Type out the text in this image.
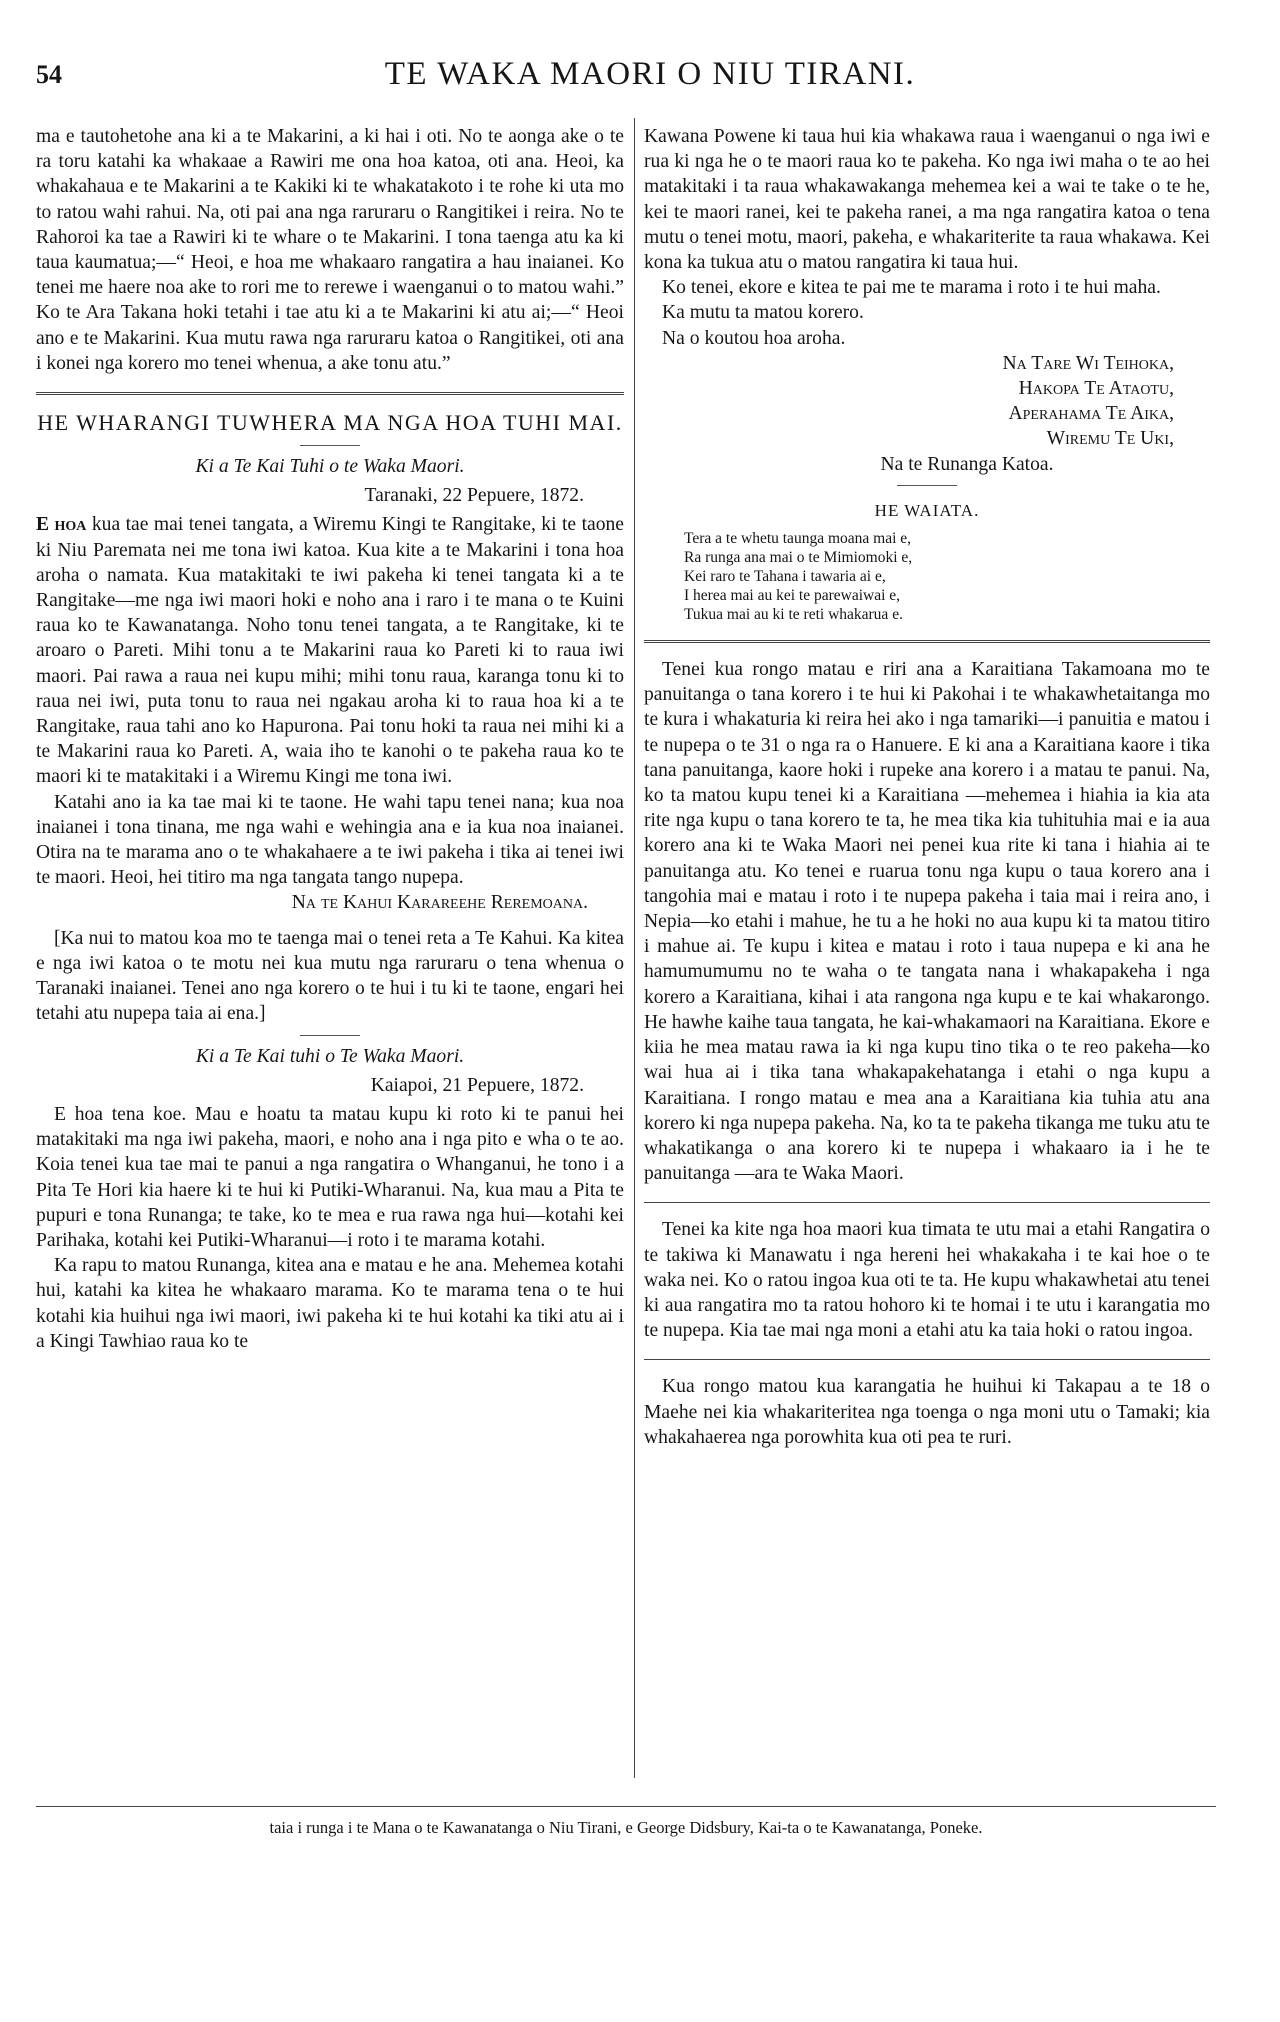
54	TE WAKA MAORI O NIU TIRANI.

ma e tautohetohe ana ki a te Makarini, a ki hai i oti. No te aonga ake o te ra toru katahi ka whakaae a Rawiri me ona hoa katoa, oti ana. Heoi, ka whakahaua e te Makarini a te Kakiki ki te whakatakoto i te rohe ki uta mo to ratou wahi rahui. Na, oti pai ana nga raruraru o Rangitikei i reira. No te Rahoroi ka tae a Rawiri ki te whare o te Makarini. I tona taenga atu ka ki taua kaumatua;—“ Heoi, e hoa me whakaaro rangatira a hau inaianei. Ko tenei me haere noa ake to rori me to rerewe i waenganui o to matou wahi.” Ko te Ara Takana hoki tetahi i tae atu ki a te Makarini ki atu ai;—“ Heoi ano e te Makarini. Kua mutu rawa nga raruraru katoa o Rangitikei, oti ana i konei nga korero mo tenei whenua, a ake tonu atu.”

HE WHARANGI TUWHERA MA NGA HOA TUHI MAI.
Ki a Te Kai Tuhi o te Waka Maori.
Taranaki, 22 Pepuere, 1872.

E hoa kua tae mai tenei tangata, a Wiremu Kingi te Rangitake, ki te taone ki Niu Paremata nei me tona iwi katoa. Kua kite a te Makarini i tona hoa aroha o namata. Kua matakitaki te iwi pakeha ki tenei tangata ki a te Rangitake—me nga iwi maori hoki e noho ana i raro i te mana o te Kuini raua ko te Kawanatanga. Noho tonu tenei tangata, a te Rangitake, ki te aroaro o Pareti. Mihi tonu a te Makarini raua ko Pareti ki to raua iwi maori. Pai rawa a raua nei kupu mihi; mihi tonu raua, karanga tonu ki to raua nei iwi, puta tonu to raua nei ngakau aroha ki to raua hoa ki a te Rangitake, raua tahi ano ko Hapurona. Pai tonu hoki ta raua nei mihi ki a te Makarini raua ko Pareti. A, waia iho te kanohi o te pakeha raua ko te maori ki te matakitaki i a Wiremu Kingi me tona iwi.

Katahi ano ia ka tae mai ki te taone. He wahi tapu tenei nana; kua noa inaianei i tona tinana, me nga wahi e wehingia ana e ia kua noa inaianei. Otira na te marama ano o te whakahaere a te iwi pakeha i tika ai tenei iwi te maori. Heoi, hei titiro ma nga tangata tango nupepa.

Na te Kahui Karareehe Reremoana.

[Ka nui to matou koa mo te taenga mai o tenei reta a Te Kahui. Ka kitea e nga iwi katoa o te motu nei kua mutu nga raruraru o tena whenua o Taranaki inaianei. Tenei ano nga korero o te hui i tu ki te taone, engari hei tetahi atu nupepa taia ai ena.]

Ki a Te Kai tuhi o Te Waka Maori.
Kaiapoi, 21 Pepuere, 1872.

E hoa tena koe. Mau e hoatu ta matau kupu ki roto ki te panui hei matakitaki ma nga iwi pakeha, maori, e noho ana i nga pito e wha o te ao. Koia tenei kua tae mai te panui a nga rangatira o Whanganui, he tono i a Pita Te Hori kia haere ki te hui ki Putiki-Wharanui. Na, kua mau a Pita te pupuri e tona Runanga; te take, ko te mea e rua rawa nga hui—kotahi kei Parihaka, kotahi kei Putiki-Wharanui—i roto i te marama kotahi.

Ka rapu to matou Runanga, kitea ana e matau e he ana. Mehemea kotahi hui, katahi ka kitea he whakaaro marama. Ko te marama tena o te hui kotahi kia huihui nga iwi maori, iwi pakeha ki te hui kotahi ka tiki atu ai i a Kingi Tawhiao raua ko te

Kawana Powene ki taua hui kia whakawa raua i waenganui o nga iwi e rua ki nga he o te maori raua ko te pakeha. Ko nga iwi maha o te ao hei matakitaki i ta raua whakawakanga mehemea kei a wai te take o te he, kei te maori ranei, kei te pakeha ranei, a ma nga rangatira katoa o tena mutu o tenei motu, maori, pakeha, e whakariterite ta raua whakawa. Kei kona ka tukua atu o matou rangatira ki taua hui.

Ko tenei, ekore e kitea te pai me te marama i roto i te hui maha.

Ka mutu ta matou korero.

Na o koutou hoa aroha.

Na Tare Wi Teihoka,
Hakopa Te Ataotu,
Aperahama Te Aika,
Wiremu Te Uki,
Na te Runanga Katoa.
HE WAIATA.
Tera a te whetu taunga moana mai e,
Ra runga ana mai o te Mimiomoki e,
Kei raro te Tahana i tawaria ai e,
I herea mai au kei te parewaiwai e,
Tukua mai au ki te reti whakarua e.

Tenei kua rongo matau e riri ana a Karaitiana Takamoana mo te panuitanga o tana korero i te hui ki Pakohai i te whakawhetaitanga mo te kura i whakaturia ki reira hei ako i nga tamariki—i panuitia e matou i te nupepa o te 31 o nga ra o Hanuere. E ki ana a Karaitiana kaore i tika tana panuitanga, kaore hoki i rupeke ana korero i a matau te panui. Na, ko ta matou kupu tenei ki a Karaitiana —mehemea i hiahia ia kia ata rite nga kupu o tana korero te ta, he mea tika kia tuhituhia mai e ia aua korero ana ki te Waka Maori nei penei kua rite ki tana i hiahia ai te panuitanga atu. Ko tenei e ruarua tonu nga kupu o taua korero ana i tangohia mai e matau i roto i te nupepa pakeha i taia mai i reira ano, i Nepia—ko etahi i mahue, he tu a he hoki no aua kupu ki ta matou titiro i mahue ai. Te kupu i kitea e matau i roto i taua nupepa e ki ana he hamumumumu no te waha o te tangata nana i whakapakeha i nga korero a Karaitiana, kihai i ata rangona nga kupu e te kai whakarongo. He hawhe kaihe taua tangata, he kai-whakamaori na Karaitiana. Ekore e kiia he mea matau rawa ia ki nga kupu tino tika o te reo pakeha—ko wai hua ai i tika tana whakapakehatanga i etahi o nga kupu a Karaitiana. I rongo matau e mea ana a Karaitiana kia tuhia atu ana korero ki nga nupepa pakeha. Na, ko ta te pakeha tikanga me tuku atu te whakatikanga o ana korero ki te nupepa i whakaaro ia i he te panuitanga —ara te Waka Maori.

Tenei ka kite nga hoa maori kua timata te utu mai a etahi Rangatira o te takiwa ki Manawatu i nga hereni hei whakakaha i te kai hoe o te waka nei. Ko o ratou ingoa kua oti te ta. He kupu whakawhetai atu tenei ki aua rangatira mo ta ratou hohoro ki te homai i te utu i karangatia mo te nupepa. Kia tae mai nga moni a etahi atu ka taia hoki o ratou ingoa.

Kua rongo matou kua karangatia he huihui ki Takapau a te 18 o Maehe nei kia whakariteritea nga toenga o nga moni utu o Tamaki; kia whakahaerea nga porowhita kua oti pea te ruri.

taia i runga i te Mana o te Kawanatanga o Niu Tirani, e George Didsbury, Kai-ta o te Kawanatanga, Poneke.
